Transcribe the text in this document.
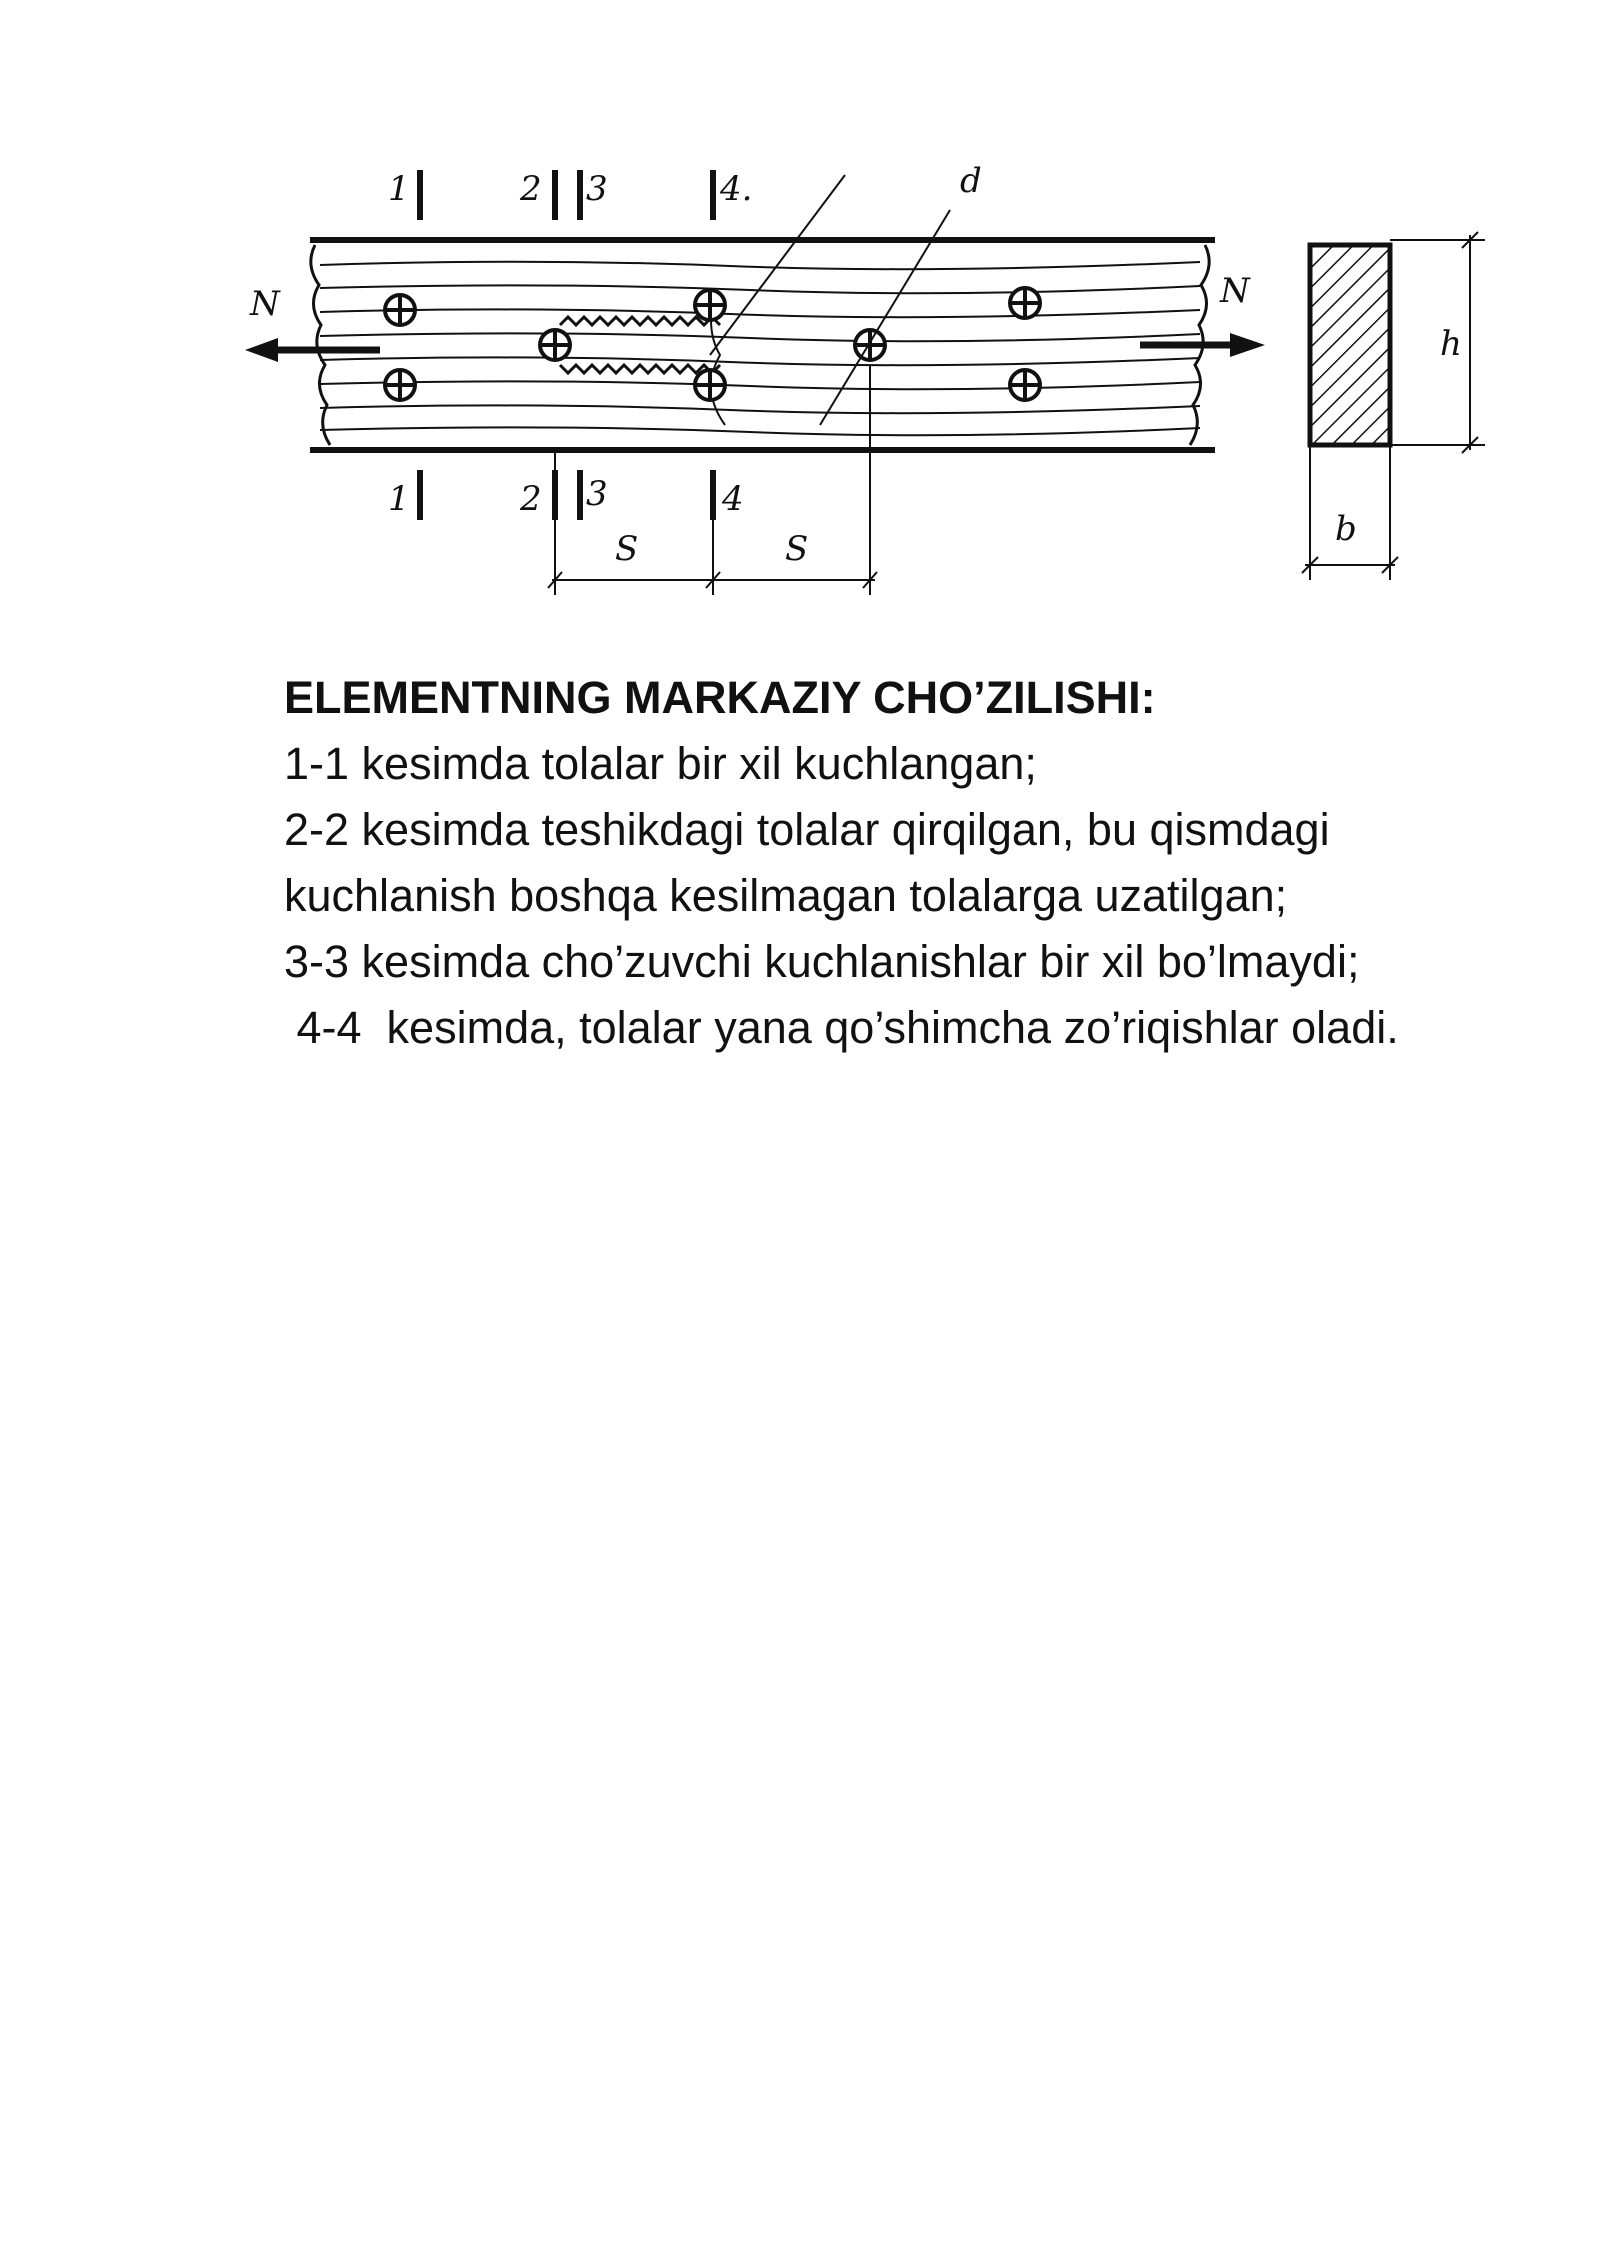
N	N
d
1	2 3	4.
1	2 3	4
S	S	b
h

ELEMENTNING MARKAZIY CHO’ZILISHI:

1-1 kesimda tolalar bir xil kuchlangan;

2-2 kesimda teshikdagi tolalar qirqilgan, bu qismdagi kuchlanish boshqa kesilmagan tolalarga uzatilgan;

3-3 kesimda cho’zuvchi kuchlanishlar bir xil bo’lmaydi;

4-4  kesimda, tolalar yana qo’shimcha zo’riqishlar oladi.
